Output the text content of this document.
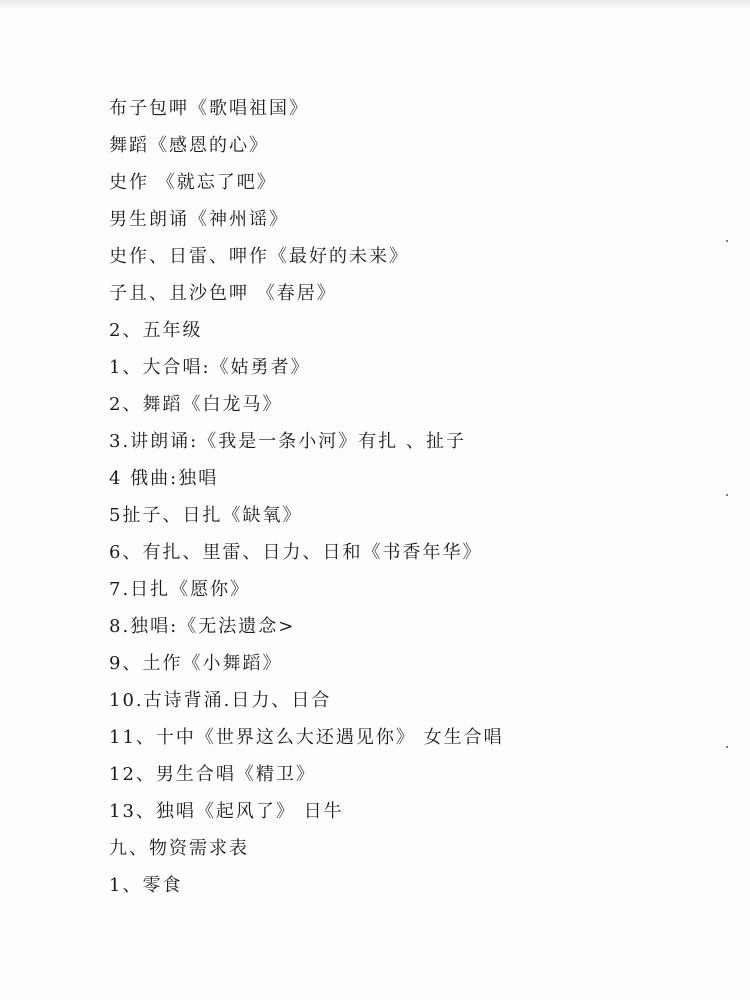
布子包呷《歌唱祖国》
舞蹈《感恩的心》
史作 《就忘了吧》
男生朗诵《神州谣》
史作、日雷、呷作《最好的未来》
子且、且沙色呷 《春居》
2、五年级
1、大合唱:《姑勇者》
2、舞蹈《白龙马》
3.讲朗诵:《我是一条小河》有扎 、扯子
4 俄曲:独唱
5扯子、日扎《缺氧》
6、有扎、里雷、日力、日和《书香年华》
7.日扎《愿你》
8.独唱:《无法遗念>
9、土作《小舞蹈》
10.古诗背涌.日力、日合
11、十中《世界这么大还遇见你》 女生合唱
12、男生合唱《精卫》
13、独唱《起风了》 日牛
九、物资需求表
1、零食
